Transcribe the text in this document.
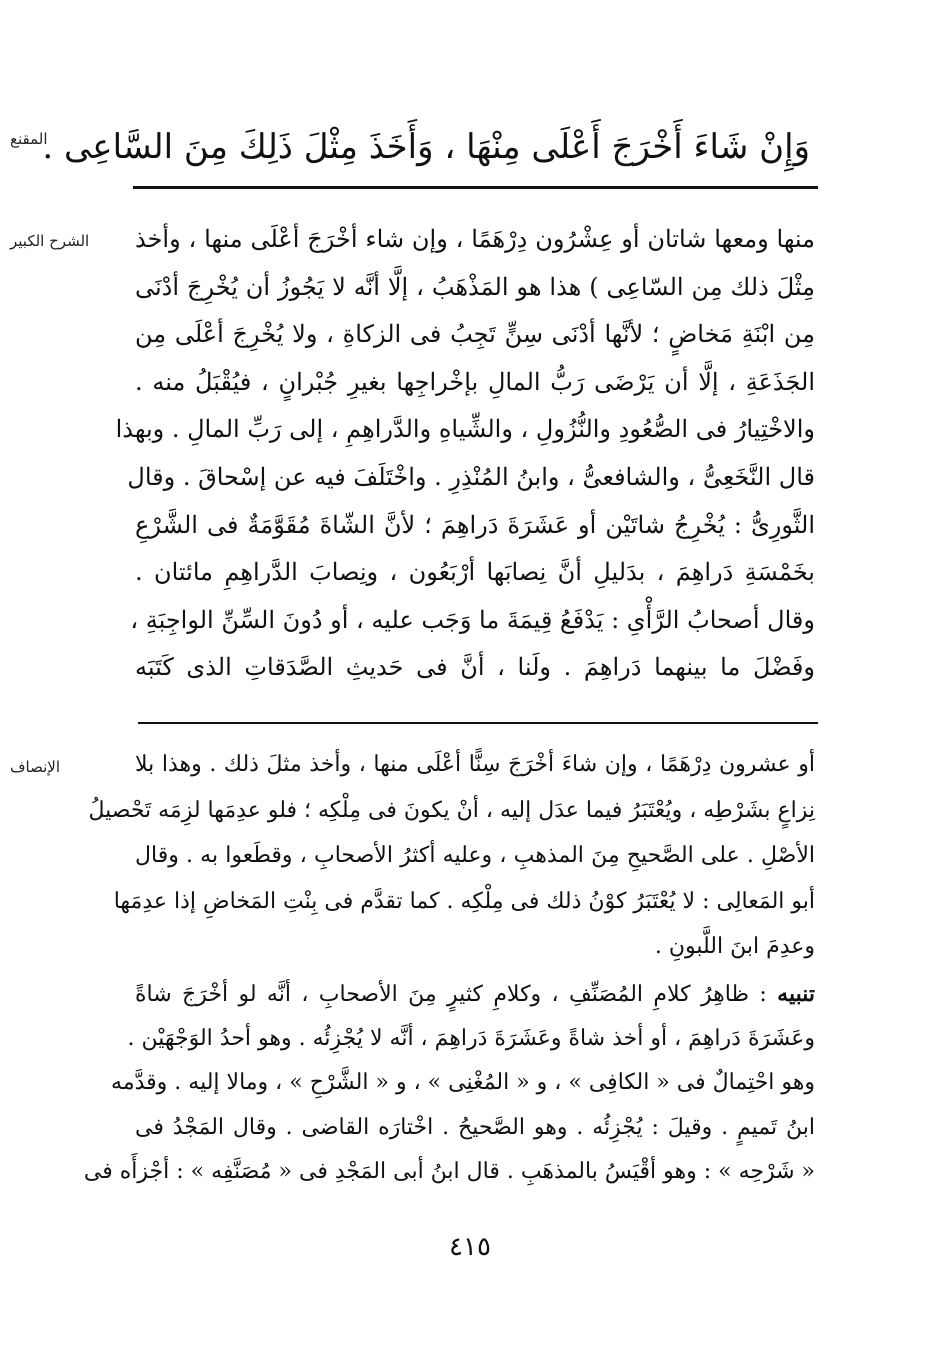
المقنع
الشرح الكبير
الإنصاف
وَإِنْ شَاءَ أَخْرَجَ أَعْلَى مِنْهَا ، وَأَخَذَ مِثْلَ ذَلِكَ مِنَ السَّاعِى .
منها ومعها شاتان أو عِشْرُون دِرْهَمًا ، وإن شاء أخْرَجَ أعْلَى منها ، وأخذ
مِثْلَ ذلك مِن السّاعِى ) هذا هو المَذْهَبُ ، إلَّا أنَّه لا يَجُوزُ أن يُخْرِجَ أدْنَى
مِن ابْنَةِ مَخاضٍ ؛ لأنَّها أدْنَى سِنٍّ تَجِبُ فى الزكاةِ ، ولا يُخْرِجَ أعْلَى مِن
الجَذَعَةِ ، إلَّا أن يَرْضَى رَبُّ المالِ بإخْراجِها بغيرِ جُبْرانٍ ، فيُقْبَلُ منه .
والاخْتِيارُ فى الصُّعُودِ والنُّزُولِ ، والشِّياهِ والدَّراهِمِ ، إلى رَبِّ المالِ . وبهذا
قال النَّخَعِىُّ ، والشافعىُّ ، وابنُ المُنْذِرِ . واخْتَلَفَ فيه عن إسْحاقَ . وقال
الثَّورِىُّ : يُخْرِجُ شاتَيْن أو عَشَرَةَ دَراهِمَ ؛ لأنَّ الشّاةَ مُقَوَّمَةٌ فى الشَّرْعِ
بخَمْسَةِ دَراهِمَ ، بدَليلِ أنَّ نِصابَها أرْبَعُون ، ونِصابَ الدَّراهِمِ مائتان .
وقال أصحابُ الرَّأْىِ : يَدْفَعُ قِيمَةَ ما وَجَب عليه ، أو دُونَ السِّنِّ الواجِبَةِ ،
وفَضْلَ ما بينهما دَراهِمَ . ولَنا ، أنَّ فى حَديثِ الصَّدَقاتِ الذى كَتَبَه
أو عشرون دِرْهَمًا ، وإن شاءَ أخْرَجَ سِنًّا أعْلَى منها ، وأخذ مثلَ ذلك . وهذا بلا
نِزاعٍ بشَرْطِه ، ويُعْتَبَرُ فيما عدَل إليه ، أنْ يكونَ فى مِلْكِه ؛ فلو عدِمَها لزِمَه تَحْصيلُ
الأصْلِ . على الصَّحيحِ مِنَ المذهبِ ، وعليه أكثرُ الأصحابِ ، وقطَعوا به . وقال
أبو المَعالِى : لا يُعْتَبَرُ كوْنُ ذلك فى مِلْكِه . كما تقدَّم فى بِنْتِ المَخاضِ إذا عدِمَها
وعدِمَ ابنَ اللَّبونِ .
تنبيه : ظاهِرُ كلامِ المُصَنِّفِ ، وكلامِ كثيرٍ مِنَ الأصحابِ ، أنَّه لو أخْرَجَ شاةً
وعَشَرَةَ دَراهِمَ ، أو أخذ شاةً وعَشَرَةَ دَراهِمَ ، أنَّه لا يُجْزِئُه . وهو أحدُ الوَجْهَيْن .
وهو احْتِمالٌ فى « الكافِى » ، و « المُغْنِى » ، و « الشَّرْحِ » ، ومالا إليه . وقدَّمه
ابنُ تَميمٍ . وقيلَ : يُجْزِئُه . وهو الصَّحيحُ . اخْتارَه القاضى . وقال المَجْدُ فى
« شَرْحِه » : وهو أقْيَسُ بالمذهَبِ . قال ابنُ أبى المَجْدِ فى « مُصَنَّفِه » : أجْزأَه فى
٤١٥
